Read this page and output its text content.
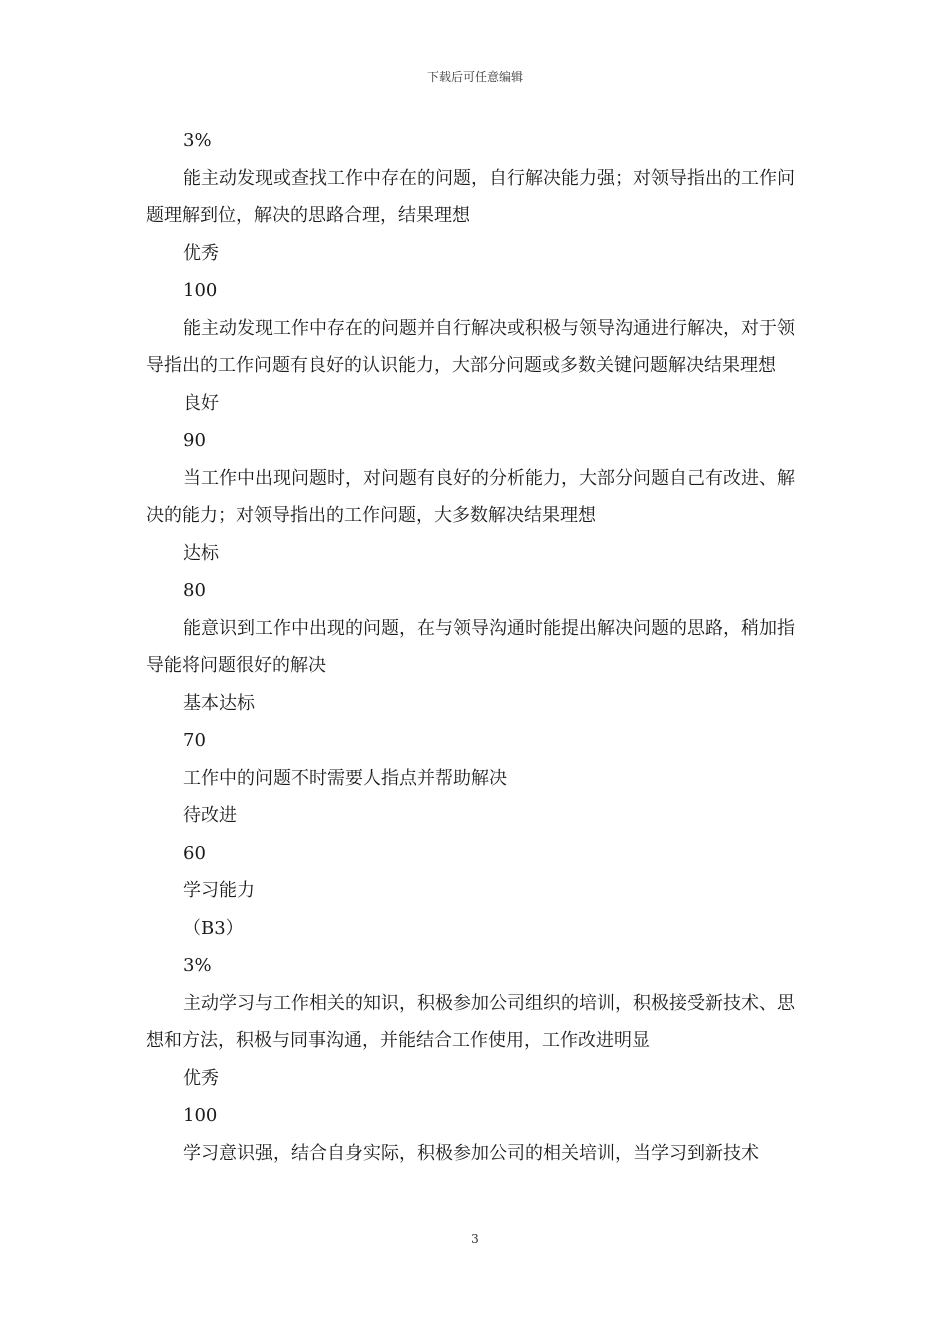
下载后可任意编辑

3%

能主动发现或查找工作中存在的问题，自行解决能力强；对领导指出的工作问题理解到位，解决的思路合理，结果理想

优秀

100

能主动发现工作中存在的问题并自行解决或积极与领导沟通进行解决，对于领导指出的工作问题有良好的认识能力，大部分问题或多数关键问题解决结果理想

良好

90

当工作中出现问题时，对问题有良好的分析能力，大部分问题自己有改进、解决的能力；对领导指出的工作问题，大多数解决结果理想

达标

80

能意识到工作中出现的问题，在与领导沟通时能提出解决问题的思路，稍加指导能将问题很好的解决

基本达标

70

工作中的问题不时需要人指点并帮助解决

待改进

60

学习能力

（B3）

3%

主动学习与工作相关的知识，积极参加公司组织的培训，积极接受新技术、思想和方法，积极与同事沟通，并能结合工作使用，工作改进明显

优秀

100

学习意识强，结合自身实际，积极参加公司的相关培训，当学习到新技术

3
